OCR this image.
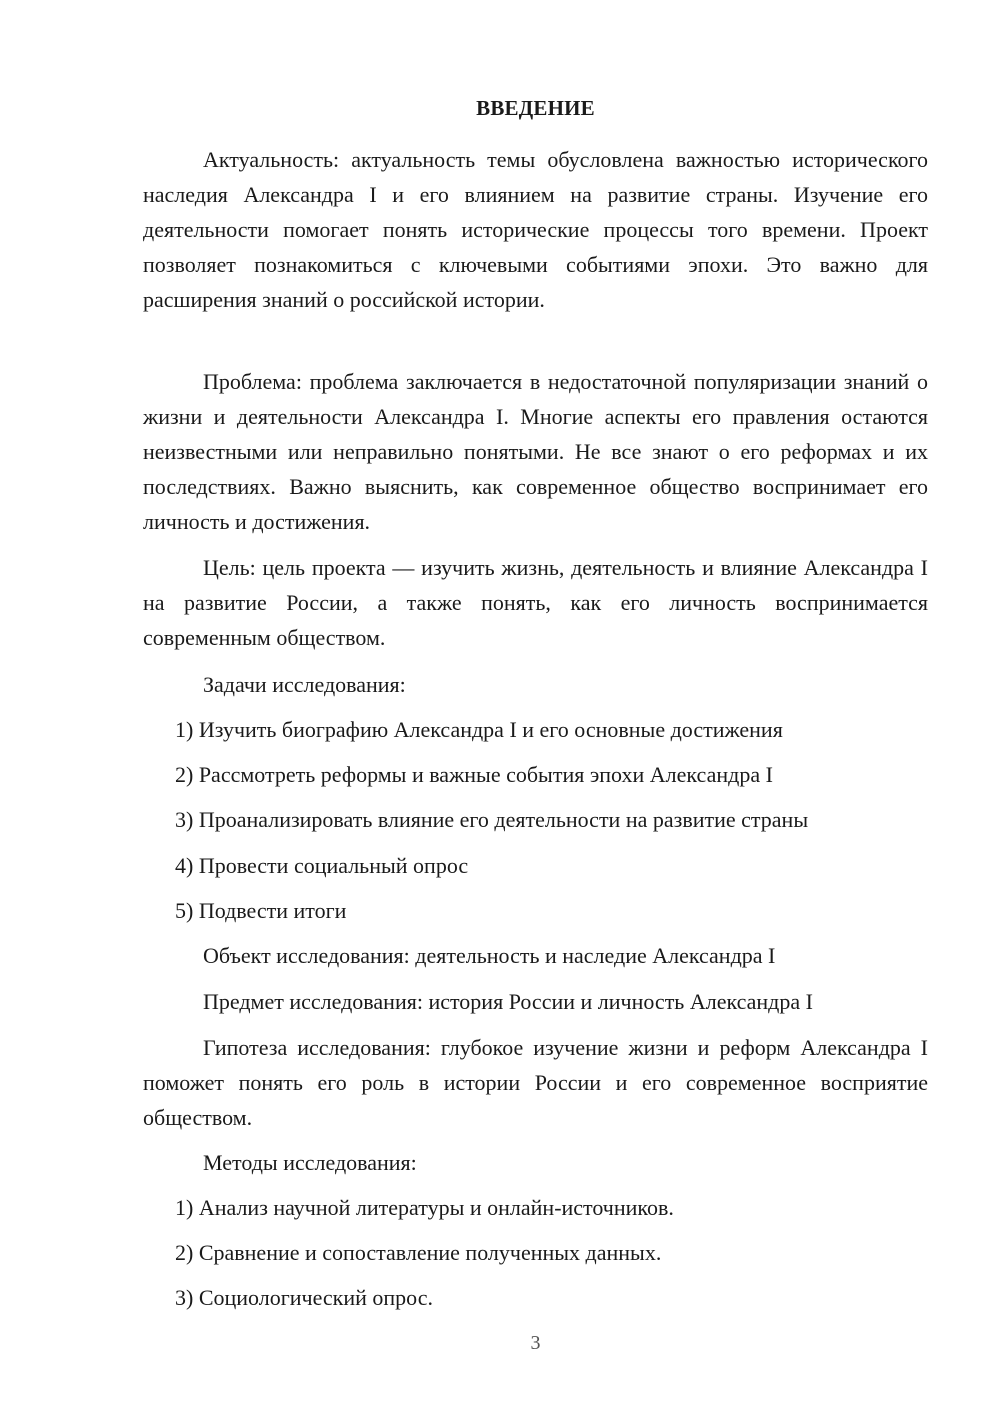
ВВЕДЕНИЕ

Актуальность: актуальность темы обусловлена важностью исторического наследия Александра I и его влиянием на развитие страны. Изучение его деятельности помогает понять исторические процессы того времени. Проект позволяет познакомиться с ключевыми событиями эпохи. Это важно для расширения знаний о российской истории.

Проблема: проблема заключается в недостаточной популяризации знаний о жизни и деятельности Александра I. Многие аспекты его правления остаются неизвестными или неправильно понятыми. Не все знают о его реформах и их последствиях. Важно выяснить, как современное общество воспринимает его личность и достижения.

Цель: цель проекта — изучить жизнь, деятельность и влияние Александра I на развитие России, а также понять, как его личность воспринимается современным обществом.

Задачи исследования:
1) Изучить биографию Александра I и его основные достижения
2) Рассмотреть реформы и важные события эпохи Александра I
3) Проанализировать влияние его деятельности на развитие страны
4) Провести социальный опрос
5) Подвести итоги
Объект исследования: деятельность и наследие Александра I
Предмет исследования: история России и личность Александра I

Гипотеза исследования: глубокое изучение жизни и реформ Александра I поможет понять его роль в истории России и его современное восприятие обществом.

Методы исследования:
1) Анализ научной литературы и онлайн-источников.
2) Сравнение и сопоставление полученных данных.
3) Социологический опрос.
3
